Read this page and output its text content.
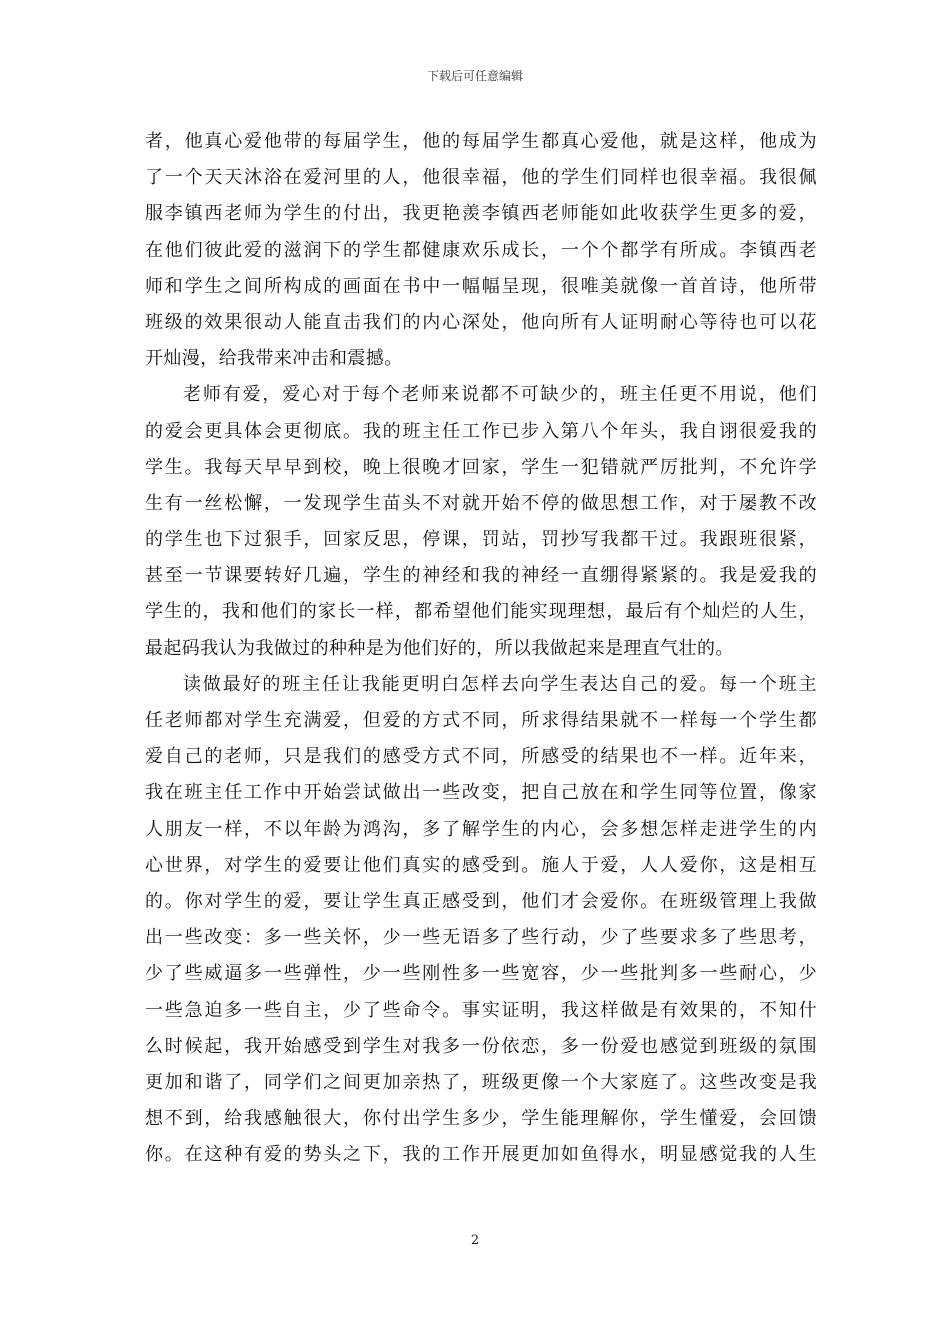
下载后可任意编辑
者，他真心爱他带的每届学生，他的每届学生都真心爱他，就是这样，他成为
了一个天天沐浴在爱河里的人，他很幸福，他的学生们同样也很幸福。我很佩
服李镇西老师为学生的付出，我更艳羡李镇西老师能如此收获学生更多的爱，
在他们彼此爱的滋润下的学生都健康欢乐成长，一个个都学有所成。李镇西老
师和学生之间所构成的画面在书中一幅幅呈现，很唯美就像一首首诗，他所带
班级的效果很动人能直击我们的内心深处，他向所有人证明耐心等待也可以花
开灿漫，给我带来冲击和震撼。
老师有爱，爱心对于每个老师来说都不可缺少的，班主任更不用说，他们
的爱会更具体会更彻底。我的班主任工作已步入第八个年头，我自诩很爱我的
学生。我每天早早到校，晚上很晚才回家，学生一犯错就严厉批判，不允许学
生有一丝松懈，一发现学生苗头不对就开始不停的做思想工作，对于屡教不改
的学生也下过狠手，回家反思，停课，罚站，罚抄写我都干过。我跟班很紧，
甚至一节课要转好几遍，学生的神经和我的神经一直绷得紧紧的。我是爱我的
学生的，我和他们的家长一样，都希望他们能实现理想，最后有个灿烂的人生，
最起码我认为我做过的种种是为他们好的，所以我做起来是理直气壮的。
读做最好的班主任让我能更明白怎样去向学生表达自己的爱。每一个班主
任老师都对学生充满爱，但爱的方式不同，所求得结果就不一样每一个学生都
爱自己的老师，只是我们的感受方式不同，所感受的结果也不一样。近年来，
我在班主任工作中开始尝试做出一些改变，把自己放在和学生同等位置，像家
人朋友一样，不以年龄为鸿沟，多了解学生的内心，会多想怎样走进学生的内
心世界，对学生的爱要让他们真实的感受到。施人于爱，人人爱你，这是相互
的。你对学生的爱，要让学生真正感受到，他们才会爱你。在班级管理上我做
出一些改变：多一些关怀，少一些无语多了些行动，少了些要求多了些思考，
少了些威逼多一些弹性，少一些刚性多一些宽容，少一些批判多一些耐心，少
一些急迫多一些自主，少了些命令。事实证明，我这样做是有效果的，不知什
么时候起，我开始感受到学生对我多一份依恋，多一份爱也感觉到班级的氛围
更加和谐了，同学们之间更加亲热了，班级更像一个大家庭了。这些改变是我
想不到，给我感触很大，你付出学生多少，学生能理解你，学生懂爱，会回馈
你。在这种有爱的势头之下，我的工作开展更加如鱼得水，明显感觉我的人生
2
